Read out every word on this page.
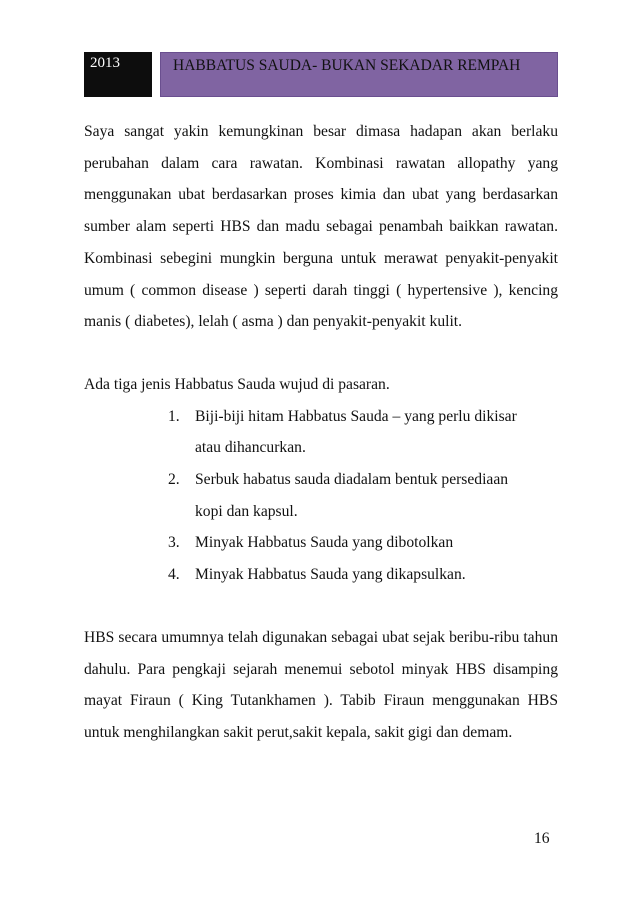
2013	HABBATUS SAUDA- BUKAN SEKADAR REMPAH

Saya sangat yakin kemungkinan besar dimasa hadapan akan berlaku perubahan dalam cara rawatan. Kombinasi rawatan allopathy yang menggunakan ubat berdasarkan proses kimia dan ubat yang berdasarkan sumber alam seperti HBS dan madu sebagai penambah baikkan rawatan. Kombinasi sebegini mungkin berguna untuk merawat penyakit-penyakit umum ( common disease ) seperti darah tinggi ( hypertensive ), kencing manis ( diabetes), lelah ( asma ) dan penyakit-penyakit kulit.

Ada tiga jenis Habbatus Sauda wujud di pasaran.

1. Biji-biji hitam Habbatus Sauda – yang perlu dikisar atau dihancurkan.
2. Serbuk habatus sauda diadalam bentuk persediaan kopi dan kapsul.
3. Minyak Habbatus Sauda yang dibotolkan
4. Minyak Habbatus Sauda yang dikapsulkan.

HBS secara umumnya telah digunakan sebagai ubat sejak beribu-ribu tahun dahulu. Para pengkaji sejarah menemui sebotol minyak HBS disamping mayat Firaun ( King Tutankhamen ). Tabib Firaun menggunakan HBS untuk menghilangkan sakit perut,sakit kepala, sakit gigi dan demam.

16
